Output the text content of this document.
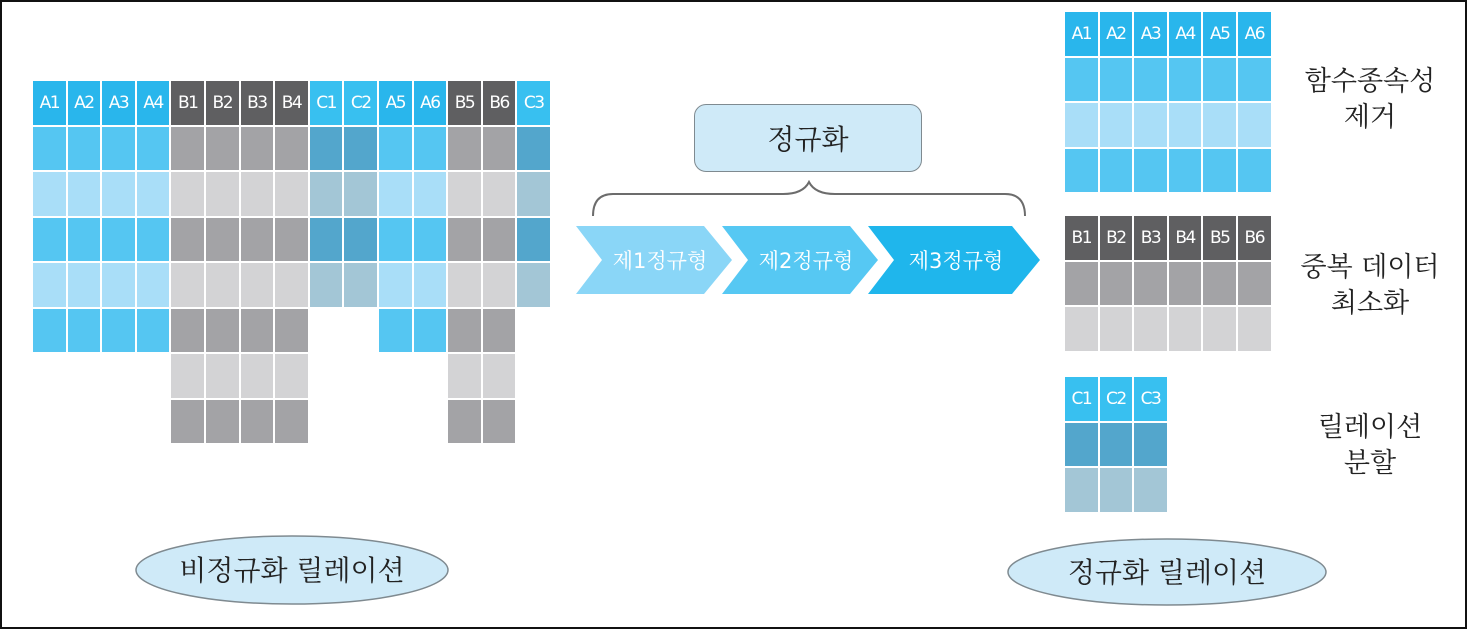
A1 A2 A3 A4 B1 B2 B3 B4 C1 C2 A5 A6 B5 B6 C3
비정규화 릴레이션
정규화
제1정규형 제2정규형	제3정규형
A1 A2 A3 A4 A5 A6
B1 B2 B3 B4 B5 B6
C1 C2 C3
함수종속성
제거
중복 데이터
최소화
릴레이션
분할
정규화 릴레이션
